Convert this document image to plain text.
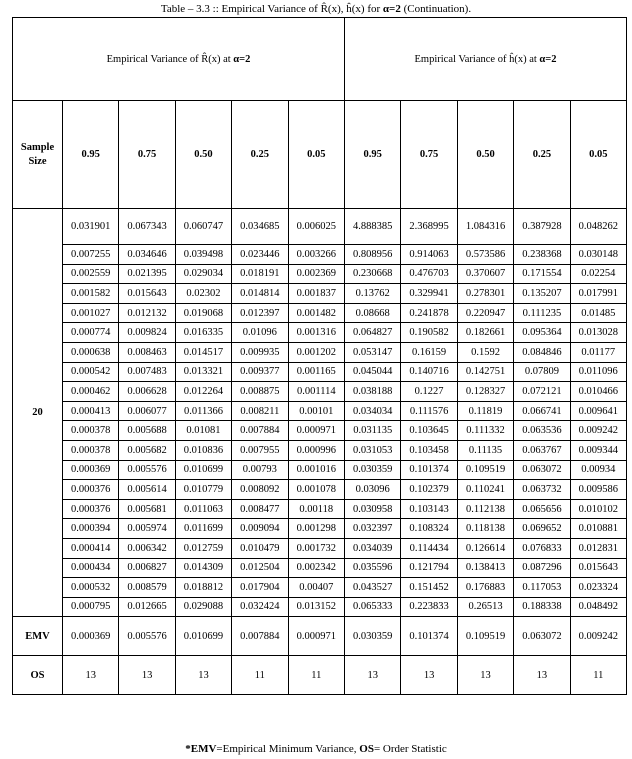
Table – 3.3 :: Empirical Variance of R̂(x), ĥ(x) for α=2 (Continuation).
Empirical Variance of R̂(x) at α=2						Empirical Variance of ĥ(x) at α=2				
Sample
Size	0.95	0.75	0.50	0.25	0.05	0.95	0.75	0.50	0.25	0.05
20	0.031901	0.067343	0.060747	0.034685	0.006025	4.888385	2.368995	1.084316	0.387928	0.048262
	0.007255	0.034646	0.039498	0.023446	0.003266	0.808956	0.914063	0.573586	0.238368	0.030148
	0.002559	0.021395	0.029034	0.018191	0.002369	0.230668	0.476703	0.370607	0.171554	0.02254
	0.001582	0.015643	0.02302	0.014814	0.001837	0.13762	0.329941	0.278301	0.135207	0.017991
	0.001027	0.012132	0.019068	0.012397	0.001482	0.08668	0.241878	0.220947	0.111235	0.01485
	0.000774	0.009824	0.016335	0.01096	0.001316	0.064827	0.190582	0.182661	0.095364	0.013028
	0.000638	0.008463	0.014517	0.009935	0.001202	0.053147	0.16159	0.1592	0.084846	0.01177
	0.000542	0.007483	0.013321	0.009377	0.001165	0.045044	0.140716	0.142751	0.07809	0.011096
	0.000462	0.006628	0.012264	0.008875	0.001114	0.038188	0.1227	0.128327	0.072121	0.010466
	0.000413	0.006077	0.011366	0.008211	0.00101	0.034034	0.111576	0.11819	0.066741	0.009641
	0.000378	0.005688	0.01081	0.007884	0.000971	0.031135	0.103645	0.111332	0.063536	0.009242
	0.000378	0.005682	0.010836	0.007955	0.000996	0.031053	0.103458	0.11135	0.063767	0.009344
	0.000369	0.005576	0.010699	0.00793	0.001016	0.030359	0.101374	0.109519	0.063072	0.00934
	0.000376	0.005614	0.010779	0.008092	0.001078	0.03096	0.102379	0.110241	0.063732	0.009586
	0.000376	0.005681	0.011063	0.008477	0.00118	0.030958	0.103143	0.112138	0.065656	0.010102
	0.000394	0.005974	0.011699	0.009094	0.001298	0.032397	0.108324	0.118138	0.069652	0.010881
	0.000414	0.006342	0.012759	0.010479	0.001732	0.034039	0.114434	0.126614	0.076833	0.012831
	0.000434	0.006827	0.014309	0.012504	0.002342	0.035596	0.121794	0.138413	0.087296	0.015643
	0.000532	0.008579	0.018812	0.017904	0.00407	0.043527	0.151452	0.176883	0.117053	0.023324
	0.000795	0.012665	0.029088	0.032424	0.013152	0.065333	0.223833	0.26513	0.188338	0.048492
EMV	0.000369	0.005576	0.010699	0.007884	0.000971	0.030359	0.101374	0.109519	0.063072	0.009242
OS	13	13	13	11	11	13	13	13	13	11
*EMV=Empirical Minimum Variance, OS= Order Statistic
